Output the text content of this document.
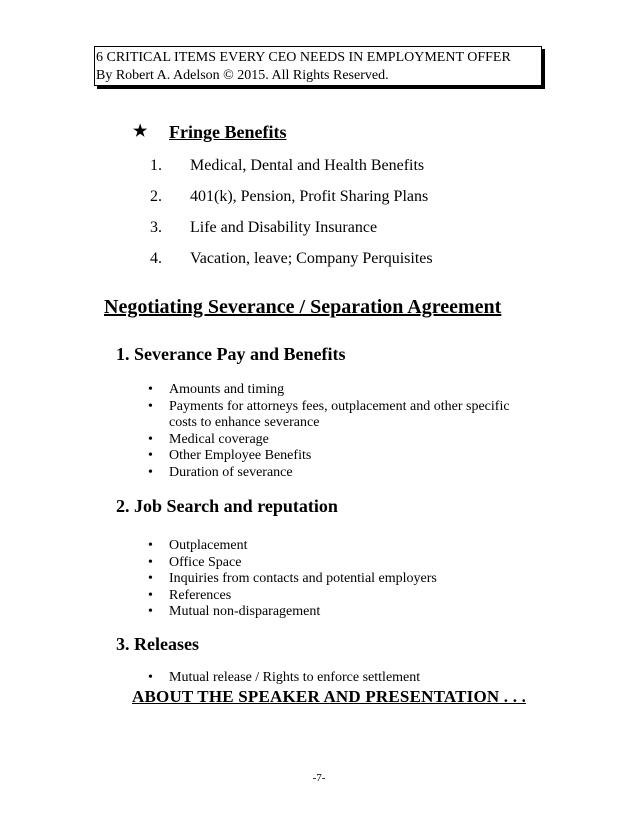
6 CRITICAL ITEMS EVERY CEO NEEDS IN EMPLOYMENT OFFER
By Robert A. Adelson © 2015. All Rights Reserved.
★	Fringe Benefits
1. Medical, Dental and Health Benefits
2. 401(k), Pension, Profit Sharing Plans
3. Life and Disability Insurance
4. Vacation, leave; Company Perquisites
Negotiating Severance / Separation Agreement
1. Severance Pay and Benefits
• Amounts and timing
• Payments for attorneys fees, outplacement and other specific costs to enhance severance
• Medical coverage
• Other Employee Benefits
• Duration of severance
2. Job Search and reputation
• Outplacement
• Office Space
• Inquiries from contacts and potential employers
• References
• Mutual non-disparagement
3. Releases
• Mutual release / Rights to enforce settlement
ABOUT THE SPEAKER AND PRESENTATION . . .
-7-
